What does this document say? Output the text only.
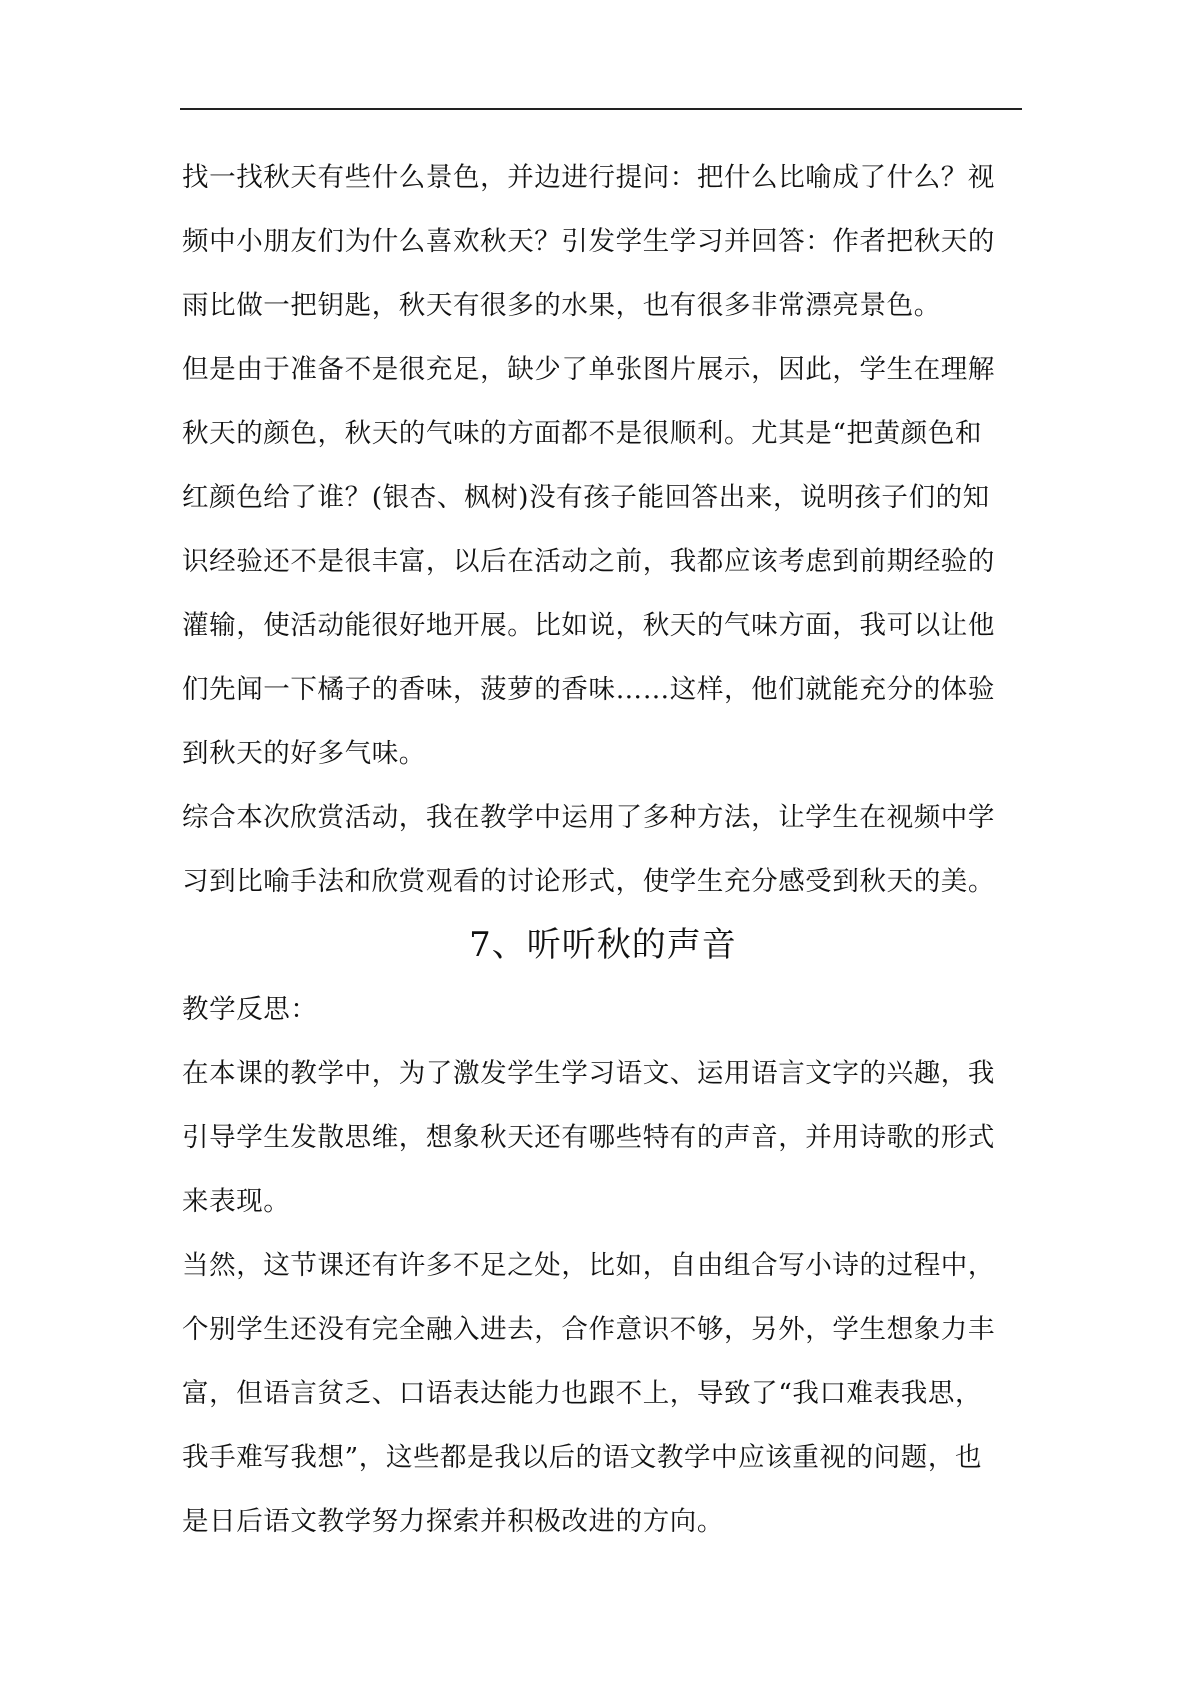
找一找秋天有些什么景色，并边进行提问：把什么比喻成了什么？视
频中小朋友们为什么喜欢秋天？引发学生学习并回答：作者把秋天的
雨比做一把钥匙，秋天有很多的水果，也有很多非常漂亮景色。
但是由于准备不是很充足，缺少了单张图片展示，因此，学生在理解
秋天的颜色，秋天的气味的方面都不是很顺利。尤其是“把黄颜色和
红颜色给了谁？(银杏、枫树)没有孩子能回答出来，说明孩子们的知
识经验还不是很丰富，以后在活动之前，我都应该考虑到前期经验的
灌输，使活动能很好地开展。比如说，秋天的气味方面，我可以让他
们先闻一下橘子的香味，菠萝的香味……这样，他们就能充分的体验
到秋天的好多气味。
综合本次欣赏活动，我在教学中运用了多种方法，让学生在视频中学
习到比喻手法和欣赏观看的讨论形式，使学生充分感受到秋天的美。
7、听听秋的声音
教学反思：
在本课的教学中，为了激发学生学习语文、运用语言文字的兴趣，我
引导学生发散思维，想象秋天还有哪些特有的声音，并用诗歌的形式
来表现。
当然，这节课还有许多不足之处，比如，自由组合写小诗的过程中，
个别学生还没有完全融入进去，合作意识不够，另外，学生想象力丰
富，但语言贫乏、口语表达能力也跟不上，导致了“我口难表我思，
我手难写我想”，这些都是我以后的语文教学中应该重视的问题，也
是日后语文教学努力探索并积极改进的方向。
